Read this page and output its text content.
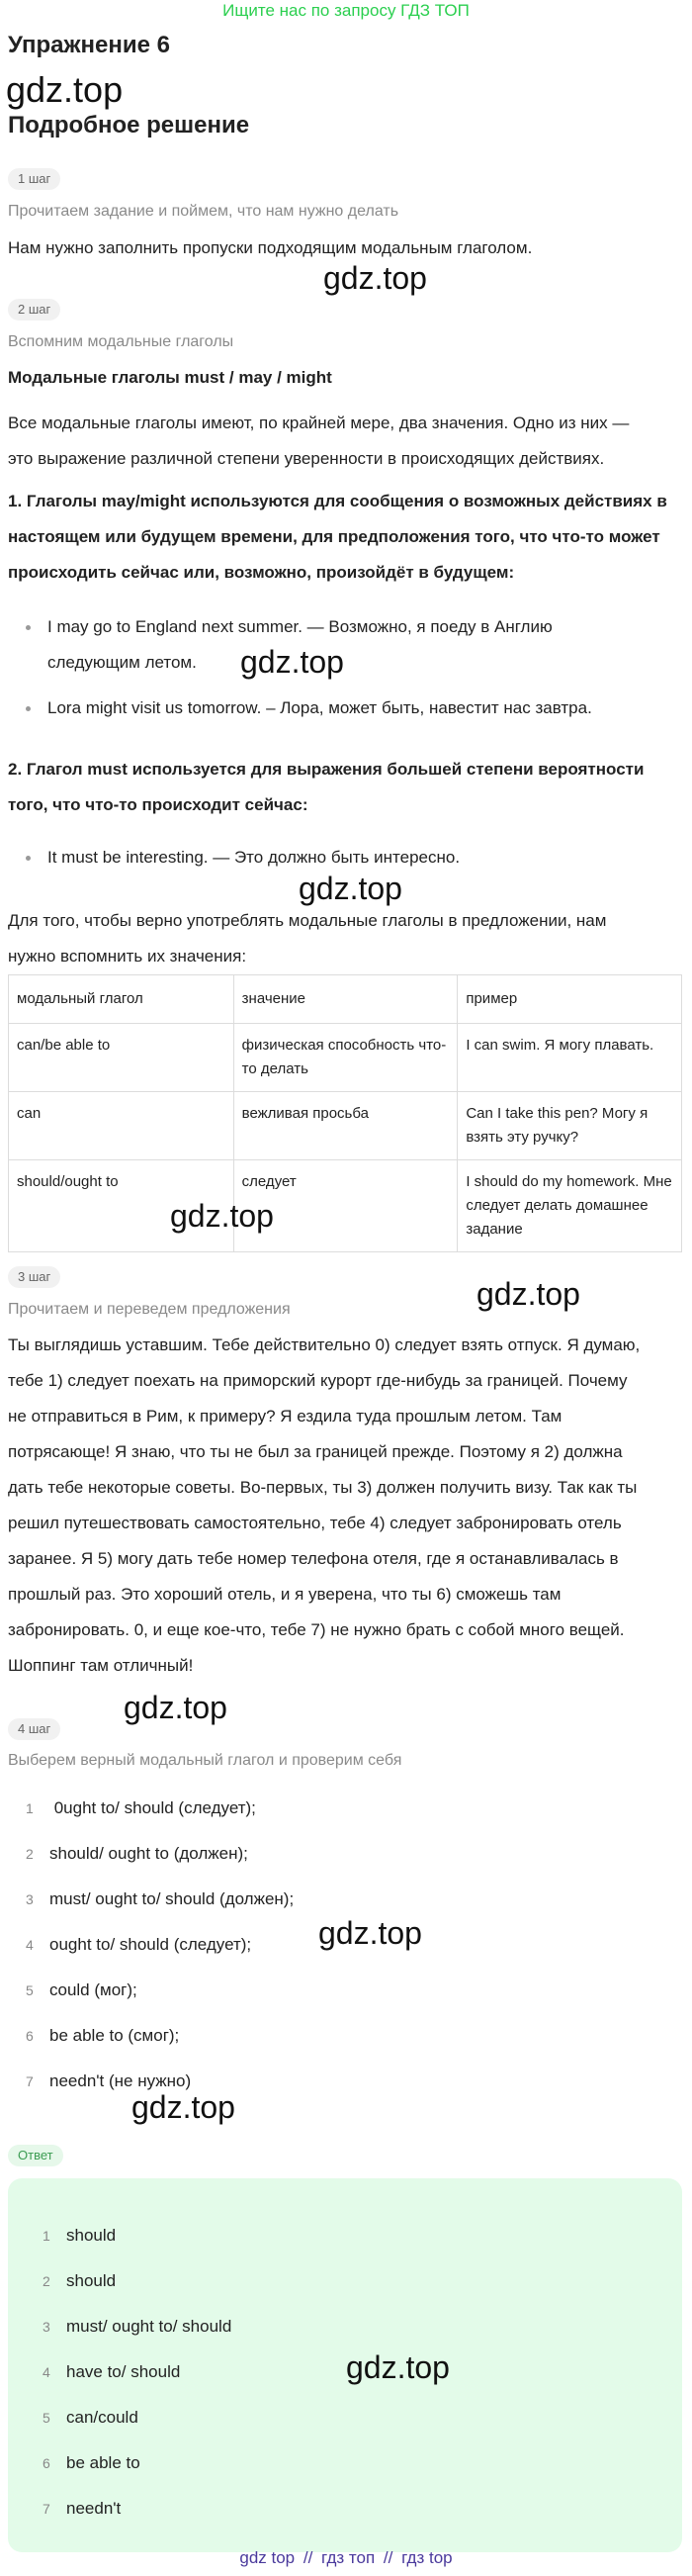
Ищите нас по запросу ГДЗ ТОП
Упражнение 6
gdz.top
Подробное решение
1 шаг
Прочитаем задание и поймем, что нам нужно делать
Нам нужно заполнить пропуски подходящим модальным глаголом.
gdz.top
2 шаг
Вспомним модальные глаголы
Модальные глаголы must / may / might
Все модальные глаголы имеют, по крайней мере, два значения. Одно из них —
это выражение различной степени уверенности в происходящих действиях.
1. Глаголы may/might используются для сообщения о возможных действиях в
настоящем или будущем времени, для предположения того, что что-то может
происходить сейчас или, возможно, произойдёт в будущем:
I may go to England next summer. — Возможно, я поеду в Англию
следующим летом.
Lora might visit us tomorrow. – Лора, может быть, навестит нас завтра.
gdz.top
2. Глагол must используется для выражения большей степени вероятности
того, что что-то происходит сейчас:
It must be interesting. — Это должно быть интересно.
gdz.top
Для того, чтобы верно употреблять модальные глаголы в предложении, нам
нужно вспомнить их значения:
модальный глагол	значение	пример
can/be able to	физическая способность что-то делать	I can swim. Я могу плавать.
can	вежливая просьба	Can I take this pen? Могу я взять эту ручку?
should/ought to	следует	I should do my homework. Мне следует делать домашнее задание
gdz.top
3 шаг	gdz.top
Прочитаем и переведем предложения
Ты выглядишь уставшим. Тебе действительно 0) следует взять отпуск. Я думаю,
тебе 1) следует поехать на приморский курорт где-нибудь за границей. Почему
не отправиться в Рим, к примеру? Я ездила туда прошлым летом. Там
потрясающе! Я знаю, что ты не был за границей прежде. Поэтому я 2) должна
дать тебе некоторые советы. Во-первых, ты 3) должен получить визу. Так как ты
решил путешествовать самостоятельно, тебе 4) следует забронировать отель
заранее. Я 5) могу дать тебе номер телефона отеля, где я останавливалась в
прошлый раз. Это хороший отель, и я уверена, что ты 6) сможешь там
забронировать. 0, и еще кое-что, тебе 7) не нужно брать с собой много вещей.
Шоппинг там отличный!
gdz.top
4 шаг
Выберем верный модальный глагол и проверим себя
1 0ught to/ should (следует);
2 should/ ought to (должен);
3 must/ ought to/ should (должен);
4 ought to/ should (следует);
5 could (мог);
6 be able to (смог);
7 needn't (не нужно)
gdz.top
gdz.top
Ответ
1 should
2 should
3 must/ ought to/ should
4 have to/ should
5 can/could
6 be able to
7 needn't
gdz.top
gdz top // гдз топ // гдз top
